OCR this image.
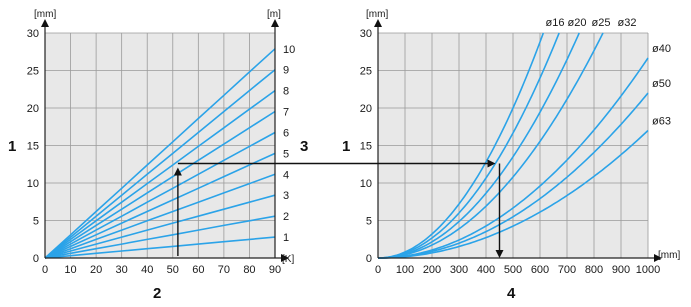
0 10 20 30 40 50 60 70 80 90
0
5
10
15
20
25
30
1
2
3
4
5
6
7
8
9
10
[mm]
[K]
[m]
1
2
3
0 100 200 300 400 500 600 700 800 900 1000
0
5
10
15
20
25
30
ø16 ø20 ø25 ø32
ø40
ø50
ø63
[mm]
[mm]
1
4
